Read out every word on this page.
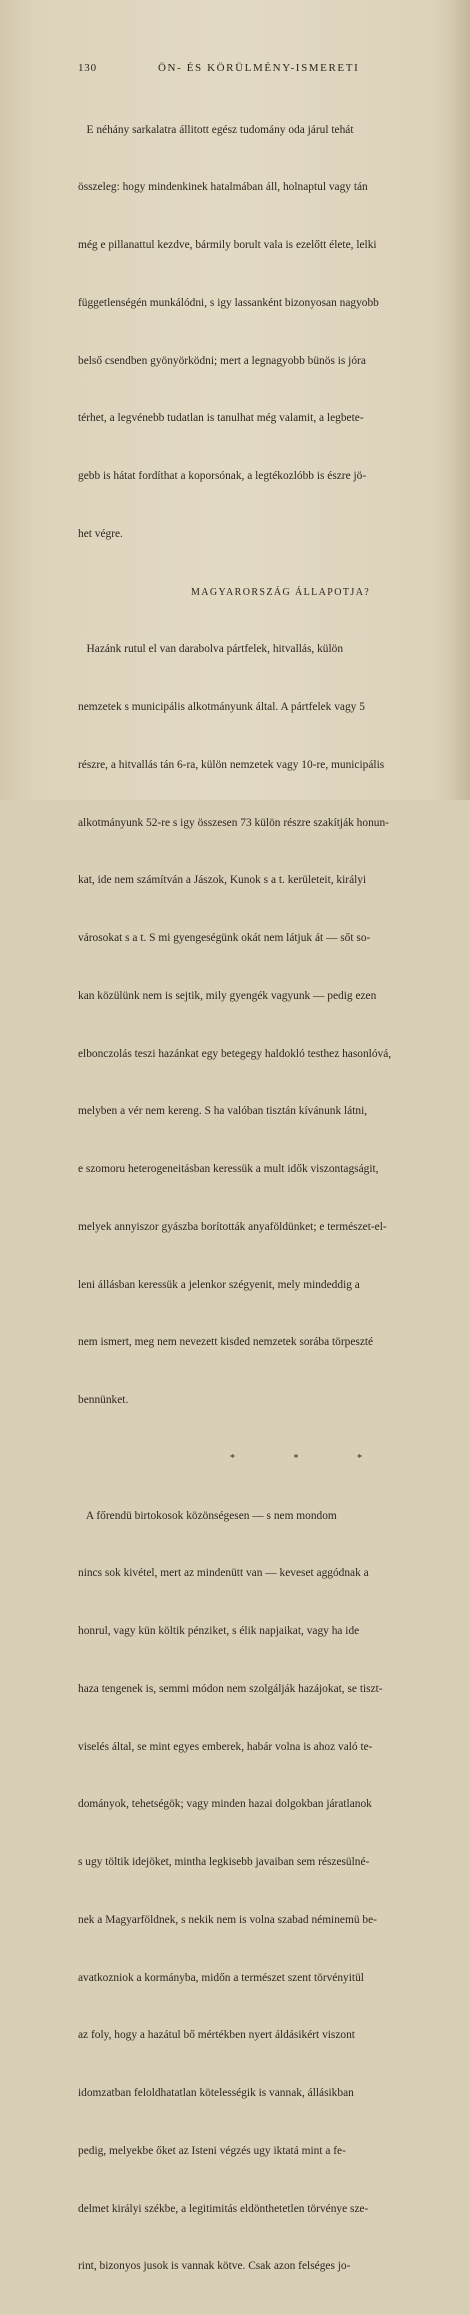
130	ÖN- ÉS KÖRÜLMÉNY-ISMERETI

E néhány sarkalatra állitott egész tudomány oda járul tehát

összeleg: hogy mindenkinek hatalmában áll, holnaptul vagy tán

még e pillanattul kezdve, bármily borult vala is ezelőtt élete, lelki

függetlenségén munkálódni, s igy lassanként bizonyosan nagyobb

belső csendben gyönyörködni; mert a legnagyobb bünös is jóra

térhet, a legvénebb tudatlan is tanulhat még valamit, a legbete-

gebb is hátat fordíthat a koporsónak, a legtékozlóbb is észre jö-

het végre.

MAGYARORSZÁG ÁLLAPOTJA?

Hazánk rutul el van darabolva pártfelek, hitvallás, külön

nemzetek s municipális alkotmányunk által. A pártfelek vagy 5

részre, a hitvallás tán 6-ra, külön nemzetek vagy 10-re, municipális

alkotmányunk 52-re s igy összesen 73 külön részre szakítják honun-

kat, ide nem számítván a Jászok, Kunok s a t. kerületeit, királyi

városokat s a t. S mi gyengeségünk okát nem látjuk át — sőt so-

kan közülünk nem is sejtik, mily gyengék vagyunk — pedig ezen

elbonczolás teszi hazánkat egy betegegy haldokló testhez hasonlóvá,

melyben a vér nem kereng. S ha valóban tisztán kívánunk látni,

e szomoru heterogeneitásban keressük a mult idők viszontagságit,

melyek annyiszor gyászba borították anyaföldünket; e természet-el-

leni állásban keressük a jelenkor szégyenit, mely mindeddig a

nem ismert, meg nem nevezett kisded nemzetek sorába törpeszté

bennünket.

* * *

A főrendü birtokosok közönségesen — s nem mondom

nincs sok kivétel, mert az mindenütt van — keveset aggódnak a

honrul, vagy kün költik pénziket, s élik napjaikat, vagy ha ide

haza tengenek is, semmi módon nem szolgálják hazájokat, se tiszt-

viselés által, se mint egyes emberek, habár volna is ahoz való te-

dományok, tehetségök; vagy minden hazai dolgokban járatlanok

s ugy töltik idejöket, mintha legkisebb javaiban sem részesülné-

nek a Magyarföldnek, s nekik nem is volna szabad néminemü be-

avatkozniok a kormányba, midőn a természet szent törvényitül

az foly, hogy a hazátul bő mértékben nyert áldásikért viszont

idomzatban feloldhatatlan kötelességik is vannak, állásikban

pedig, melyekbe őket az Isteni végzés ugy iktatá mint a fe-

delmet királyi székbe, a legitimitás eldönthetetlen törvénye sze-

rint, bizonyos jusok is vannak kötve. Csak azon felséges jo-
